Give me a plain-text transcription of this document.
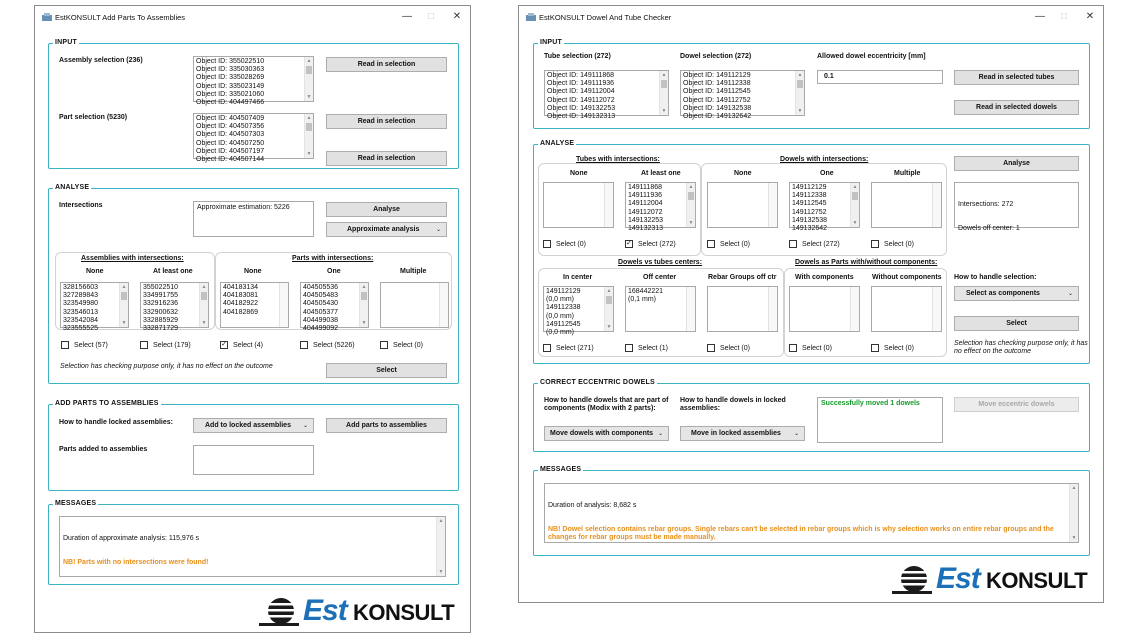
EstKONSULT Add Parts To Assemblies	—	□	✕
INPUT
Assembly selection (236)	Object ID: 355022510
Object ID: 335030363
Object ID: 335028269
Object ID: 335023149
Object ID: 335021060
Object ID: 404497466
▲
▼
Read in selection
Part selection (5230)	Object ID: 404507409
Object ID: 404507356
Object ID: 404507303
Object ID: 404507250
Object ID: 404507197
Object ID: 404507144
▲
▼
Read in selection
Read in selection
ANALYSE
Intersections	Approximate estimation: 5226	Analyse
Approximate analysis	⌄
Assemblies with intersections:	Parts with intersections:
None	At least one	None	One	Multiple
328156603
327289843
323549980
323546013
323542084
323555525
▲
▼
355022510
334991755
332916236
332900632
332885929
332871729
▲
▼
404183134
404183081
404182922
404182869
404505536
404505483
404505430
404505377
404499038
404499092
▲
▼
Select (57)	Select (179)	✓ Select (4)	Select (5226)	Select (0)
Selection has checking purpose only, it has no effect on the outcome
Select
ADD PARTS TO ASSEMBLIES
How to handle locked assemblies:	Add to locked assemblies ⌄	Add parts to assemblies
Parts added to assemblies
MESSAGES

Duration of approximate analysis: 115,976 s

NB! Parts with no intersections were found!

▲
▼

Est KONSULT
EstKONSULT Dowel And Tube Checker	—	□	✕
INPUT
Tube selection (272)
Object ID: 149111868
Object ID: 149111936
Object ID: 149112004
Object ID: 149112072
Object ID: 149132253
Object ID: 149132313
▲
▼
Dowel selection (272)
Object ID: 149112129
Object ID: 149112338
Object ID: 149112545
Object ID: 149112752
Object ID: 149132538
Object ID: 149132642
▲
▼
Allowed dowel eccentricity [mm]
0.1	Read in selected tubes
Read in selected dowels
ANALYSE
Tubes with intersections:	Dowels with intersections:
None	At least one	None	One	Multiple
149111868
149111936
149112004
149112072
149132253
149132313
▲
▼
149112129
149112338
149112545
149112752
149132538
149132642
▲
▼
Select (0)	✓ Select (272)	Select (0)	Select (272)	Select (0)
Analyse

Intersections: 272

Dowels off center: 1

Dowels vs tubes centers:	Dowels as Parts with/without components:
In center	Off center	Rebar Groups off ctr	With components	Without components
149112129
(0,0 mm)
149112338
(0,0 mm)
149112545
(0,0 mm)
▲
▼
168442221
(0,1 mm)
Select (271)	Select (1)	Select (0)	Select (0)	Select (0)
How to handle selection:
Select as components	⌄
Select
Selection has checking purpose only, it has no effect on the outcome
CORRECT ECCENTRIC DOWELS
How to handle dowels that are part of components (Modix with 2 parts):
Move dowels with components ⌄
How to handle dowels in locked assemblies:
Move in locked assemblies ⌄
Successfully moved 1 dowels	Move eccentric dowels
MESSAGES

Duration of analysis: 8,682 s

NB! Dowel selection contains rebar groups. Single rebars can't be selected in rebar groups which is why selection works on entire rebar groups and the changes for rebar groups must be made manually.

▲
▼

Est KONSULT
